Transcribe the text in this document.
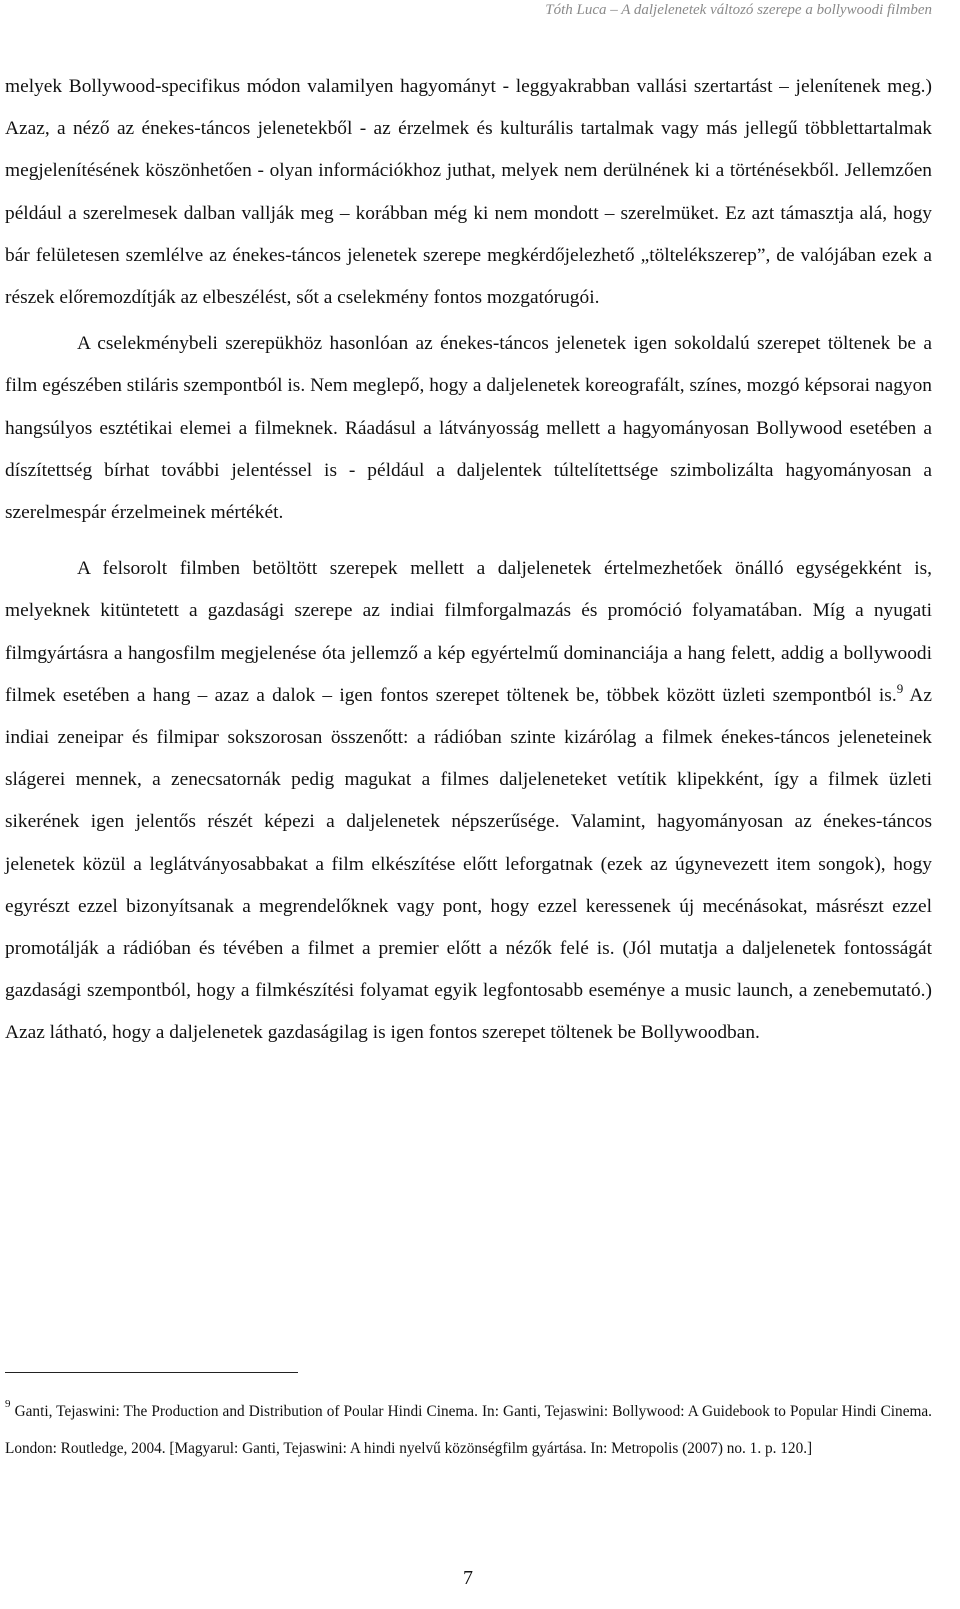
Tóth Luca – A daljelenetek változó szerepe a bollywoodi filmben

melyek Bollywood-specifikus módon valamilyen hagyományt - leggyakrabban vallási szertartást – jelenítenek meg.) Azaz, a néző az énekes-táncos jelenetekből - az érzelmek és kulturális tartalmak vagy más jellegű többlettartalmak megjelenítésének köszönhetően - olyan információkhoz juthat, melyek nem derülnének ki a történésekből. Jellemzően például a szerelmesek dalban vallják meg – korábban még ki nem mondott – szerelmüket. Ez azt támasztja alá, hogy bár felületesen szemlélve az énekes-táncos jelenetek szerepe megkérdőjelezhető „töltelékszerep”, de valójában ezek a részek előremozdítják az elbeszélést, sőt a cselekmény fontos mozgatórugói.

A cselekménybeli szerepükhöz hasonlóan az énekes-táncos jelenetek igen sokoldalú szerepet töltenek be a film egészében stiláris szempontból is. Nem meglepő, hogy a daljelenetek koreografált, színes, mozgó képsorai nagyon hangsúlyos esztétikai elemei a filmeknek. Ráadásul a látványosság mellett a hagyományosan Bollywood esetében a díszítettség bírhat további jelentéssel is - például a daljelentek túltelítettsége szimbolizálta hagyományosan a szerelmespár érzelmeinek mértékét.

A felsorolt filmben betöltött szerepek mellett a daljelenetek értelmezhetőek önálló egységekként is, melyeknek kitüntetett a gazdasági szerepe az indiai filmforgalmazás és promóció folyamatában. Míg a nyugati filmgyártásra a hangosfilm megjelenése óta jellemző a kép egyértelmű dominanciája a hang felett, addig a bollywoodi filmek esetében a hang – azaz a dalok – igen fontos szerepet töltenek be, többek között üzleti szempontból is.$^9$ Az indiai zeneipar és filmipar sokszorosan összenőtt: a rádióban szinte kizárólag a filmek énekes-táncos jeleneteinek slágerei mennek, a zenecsatornák pedig magukat a filmes daljeleneteket vetítik klipekként, így a filmek üzleti sikerének igen jelentős részét képezi a daljelenetek népszerűsége. Valamint, hagyományosan az énekes-táncos jelenetek közül a leglátványosabbakat a film elkészítése előtt leforgatnak (ezek az úgynevezett item songok), hogy egyrészt ezzel bizonyítsanak a megrendelőknek vagy pont, hogy ezzel keressenek új mecénásokat, másrészt ezzel promotálják a rádióban és tévében a filmet a premier előtt a nézők felé is. (Jól mutatja a daljelenetek fontosságát gazdasági szempontból, hogy a filmkészítési folyamat egyik legfontosabb eseménye a music launch, a zenebemutató.) Azaz látható, hogy a daljelenetek gazdaságilag is igen fontos szerepet töltenek be Bollywoodban.

$^9$ Ganti, Tejaswini: The Production and Distribution of Poular Hindi Cinema. In: Ganti, Tejaswini: Bollywood: A Guidebook to Popular Hindi Cinema. London: Routledge, 2004. [Magyarul: Ganti, Tejaswini: A hindi nyelvű közönségfilm gyártása. In: Metropolis (2007) no. 1. p. 120.]
7
